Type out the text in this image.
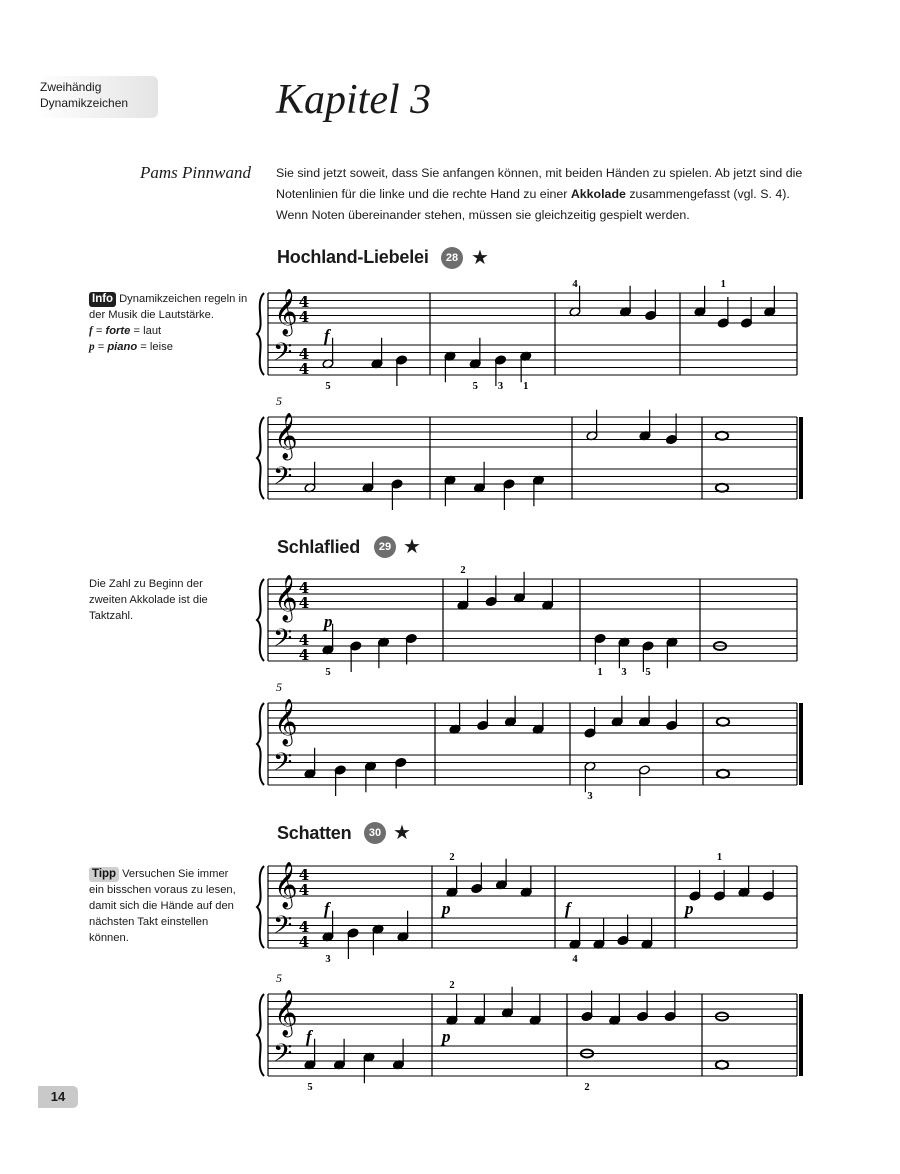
Zweihändig
Dynamikzeichen	Kapitel 3
Pams Pinnwand Sie sind jetzt soweit, dass Sie anfangen können, mit beiden Händen zu spielen. Ab jetzt sind die Notenlinien für die linke und die rechte Hand zu einer Akkolade zusammengefasst (vgl. S. 4). Wenn Noten übereinander stehen, müssen sie gleichzeitig gespielt werden.
Hochland-Liebelei	28 ★
Schlaflied	29 ★
Schatten	30 ★
Info Dynamikzeichen regeln in der Musik die Lautstärke.
f = forte = laut
p = piano = leise
Die Zahl zu Beginn der zweiten Akkolade ist die Taktzahl.
Tipp Versuchen Sie immer ein bisschen voraus zu lesen, damit sich die Hände auf den nächsten Takt einstellen können.
14
𝄞
𝄢
4
4
4
4
f
4	1
5	5 3 1
𝄞
𝄢
5
𝄞
𝄢
4
4
4
4
p
2
5	1 3 5
𝄞
𝄢
5
3
𝄞
𝄢
4
4
4
4
f	p	f	p
2	1
3	4
𝄞
𝄢
5
f	p
2
5	2
